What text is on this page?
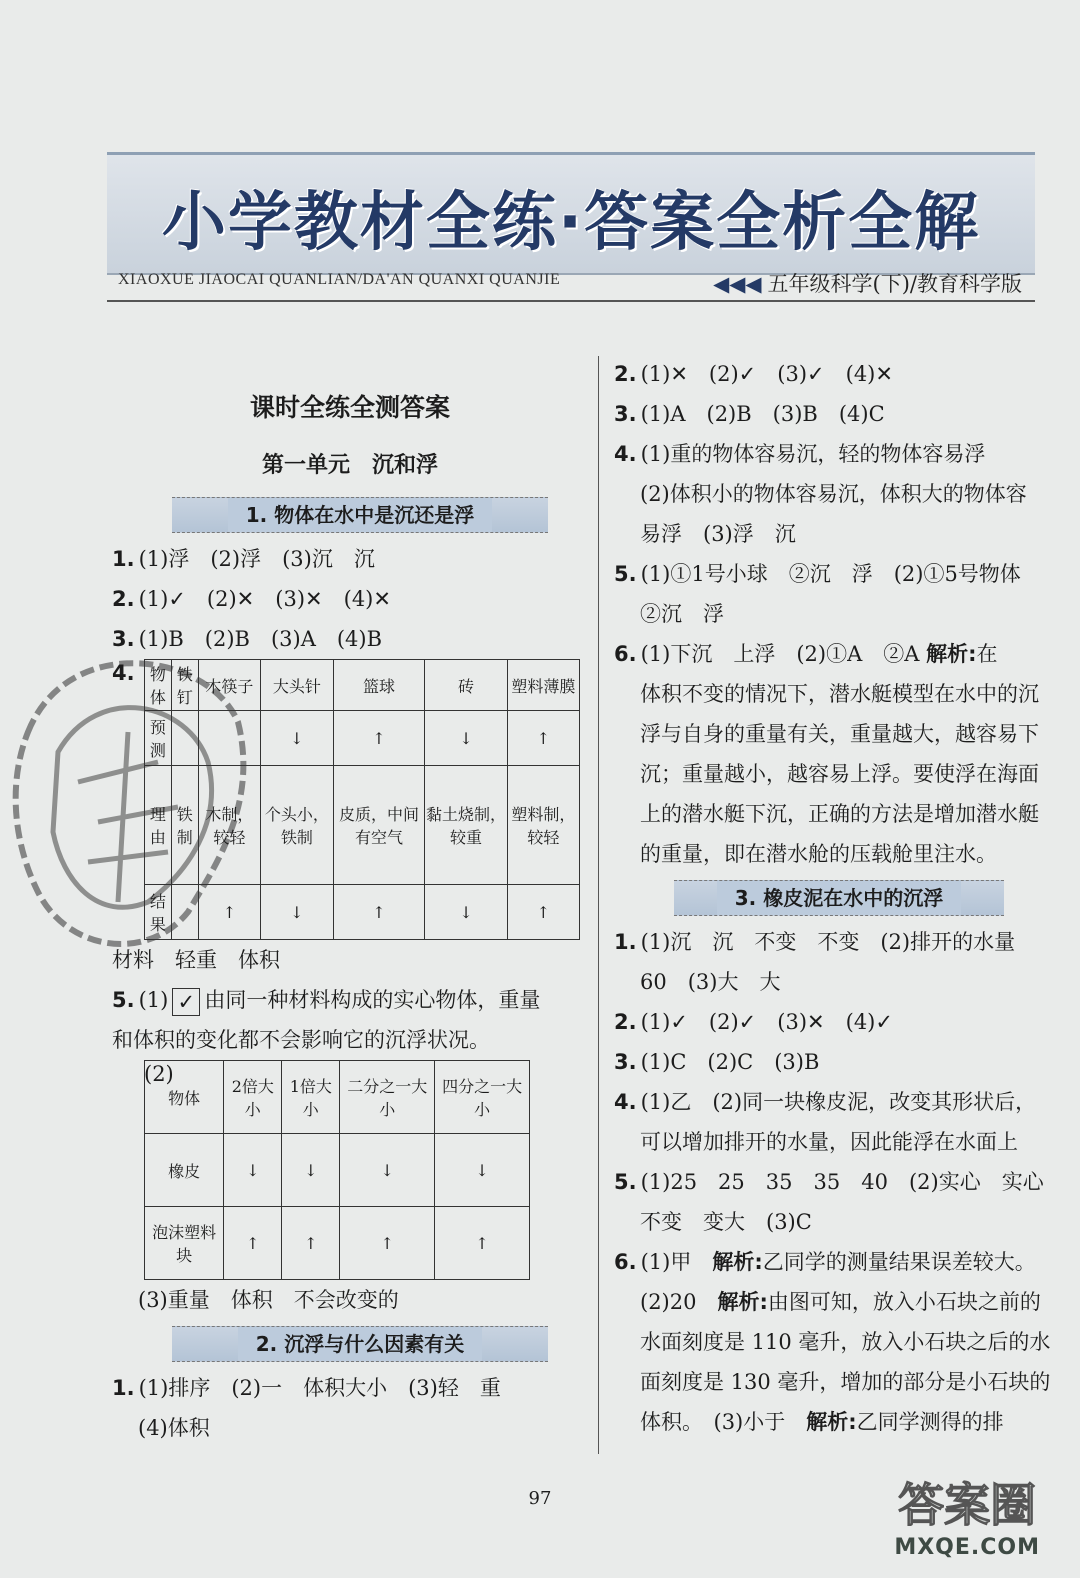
小学教材全练·答案全析全解
XIAOXUE JIAOCAI QUANLIAN/DA'AN QUANXI QUANJIE	◀◀◀ 五年级科学(下)/教育科学版
课时全练全测答案
第一单元　沉和浮
1. 物体在水中是沉还是浮
1. (1)浮　(2)浮　(3)沉　沉
2. (1)✓　(2)✕　(3)✕　(4)✕
3. (1)B　(2)B　(3)A　(4)B
4. 物体	铁钉	木筷子	大头针	篮球	砖	塑料薄膜
预测			↓	↑	↓	↑
理由	铁制	木制，较轻	个头小，铁制	皮质，中间有空气	黏土烧制，较重	塑料制，较轻
结果		↑	↓	↑	↓	↑
材料　轻重　体积
5. (1) ✓ 由同一种材料构成的实心物体，重量
和体积的变化都不会影响它的沉浮状况。
(2)
物体	2倍大小	1倍大小	二分之一大小	四分之一大小
橡皮	↓	↓	↓	↓
泡沫塑料块	↑	↑	↑	↑
(3)重量　体积　不会改变的
2. 沉浮与什么因素有关
1. (1)排序　(2)一　体积大小　(3)轻　重
(4)体积
2. (1)✕　(2)✓　(3)✓　(4)✕
3. (1)A　(2)B　(3)B　(4)C
4. (1)重的物体容易沉，轻的物体容易浮
(2)体积小的物体容易沉，体积大的物体容
易浮　(3)浮　沉
5. (1)①1号小球　②沉　浮　(2)①5号物体
②沉　浮
6. (1)下沉　上浮　(2)①A　②A 解析:在
体积不变的情况下，潜水艇模型在水中的沉
浮与自身的重量有关，重量越大，越容易下
沉；重量越小，越容易上浮。要使浮在海面
上的潜水艇下沉，正确的方法是增加潜水艇
的重量，即在潜水舱的压载舱里注水。
3. 橡皮泥在水中的沉浮
1. (1)沉　沉　不变　不变　(2)排开的水量
60　(3)大　大
2. (1)✓　(2)✓　(3)✕　(4)✓
3. (1)C　(2)C　(3)B
4. (1)乙　(2)同一块橡皮泥，改变其形状后，
可以增加排开的水量，因此能浮在水面上
5. (1)25　25　35　35　40　(2)实心　实心
不变　变大　(3)C
6. (1)甲　 解析:乙同学的测量结果误差较大。
(2)20　 解析:由图可知，放入小石块之前的
水面刻度是 110 毫升，放入小石块之后的水
面刻度是 130 毫升，增加的部分是小石块的
体积。　(3)小于　 解析:乙同学测得的排
97	答案圈
MXQE.COM
